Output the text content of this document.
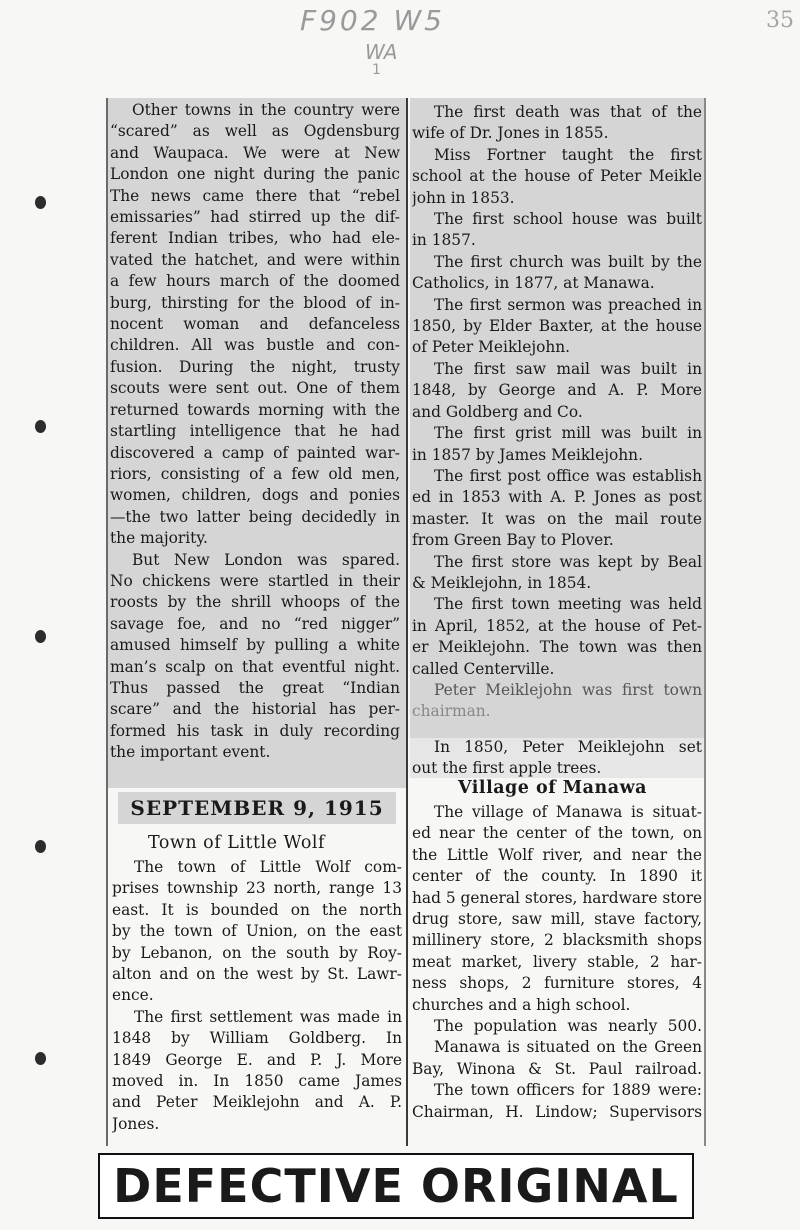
F902 W5
WA
1
35
Other towns in the country were
“scared” as well as Ogdensburg
and Waupaca. We were at New
London one night during the panic
The news came there that “rebel
emissaries” had stirred up the dif-
ferent Indian tribes, who had ele-
vated the hatchet, and were within
a few hours march of the doomed
burg, thirsting for the blood of in-
nocent woman and defanceless
children. All was bustle and con-
fusion. During the night, trusty
scouts were sent out. One of them
returned towards morning with the
startling intelligence that he had
discovered a camp of painted war-
riors, consisting of a few old men,
women, children, dogs and ponies
—the two latter being decidedly in
the majority.
But New London was spared.
No chickens were startled in their
roosts by the shrill whoops of the
savage foe, and no “red nigger”
amused himself by pulling a white
man’s scalp on that eventful night.
Thus passed the great “Indian
scare” and the historial has per-
formed his task in duly recording
the important event.
SEPTEMBER 9, 1915
Town of Little Wolf
The town of Little Wolf com-
prises township 23 north, range 13
east. It is bounded on the north
by the town of Union, on the east
by Lebanon, on the south by Roy-
alton and on the west by St. Lawr-
ence.
The first settlement was made in
1848 by William Goldberg. In
1849 George E. and P. J. More
moved in. In 1850 came James
and Peter Meiklejohn and A. P.
Jones.
The first death was that of the
wife of Dr. Jones in 1855.
Miss Fortner taught the first
school at the house of Peter Meikle
john in 1853.
The first school house was built
in 1857.
The first church was built by the
Catholics, in 1877, at Manawa.
The first sermon was preached in
1850, by Elder Baxter, at the house
of Peter Meiklejohn.
The first saw mail was built in
1848, by George and A. P. More
and Goldberg and Co.
The first grist mill was built in
in 1857 by James Meiklejohn.
The first post office was establish
ed in 1853 with A. P. Jones as post
master. It was on the mail route
from Green Bay to Plover.
The first store was kept by Beal
& Meiklejohn, in 1854.
The first town meeting was held
in April, 1852, at the house of Pet-
er Meiklejohn. The town was then
called Centerville.
Peter Meiklejohn was first town
chairman.
In 1850, Peter Meiklejohn set
out the first apple trees.
Village of Manawa
The village of Manawa is situat-
ed near the center of the town, on
the Little Wolf river, and near the
center of the county. In 1890 it
had 5 general stores, hardware store
drug store, saw mill, stave factory,
millinery store, 2 blacksmith shops
meat market, livery stable, 2 har-
ness shops, 2 furniture stores, 4
churches and a high school.
The population was nearly 500.
Manawa is situated on the Green
Bay, Winona & St. Paul railroad.
The town officers for 1889 were:
Chairman, H. Lindow; Supervisors
DEFECTIVE ORIGINAL
